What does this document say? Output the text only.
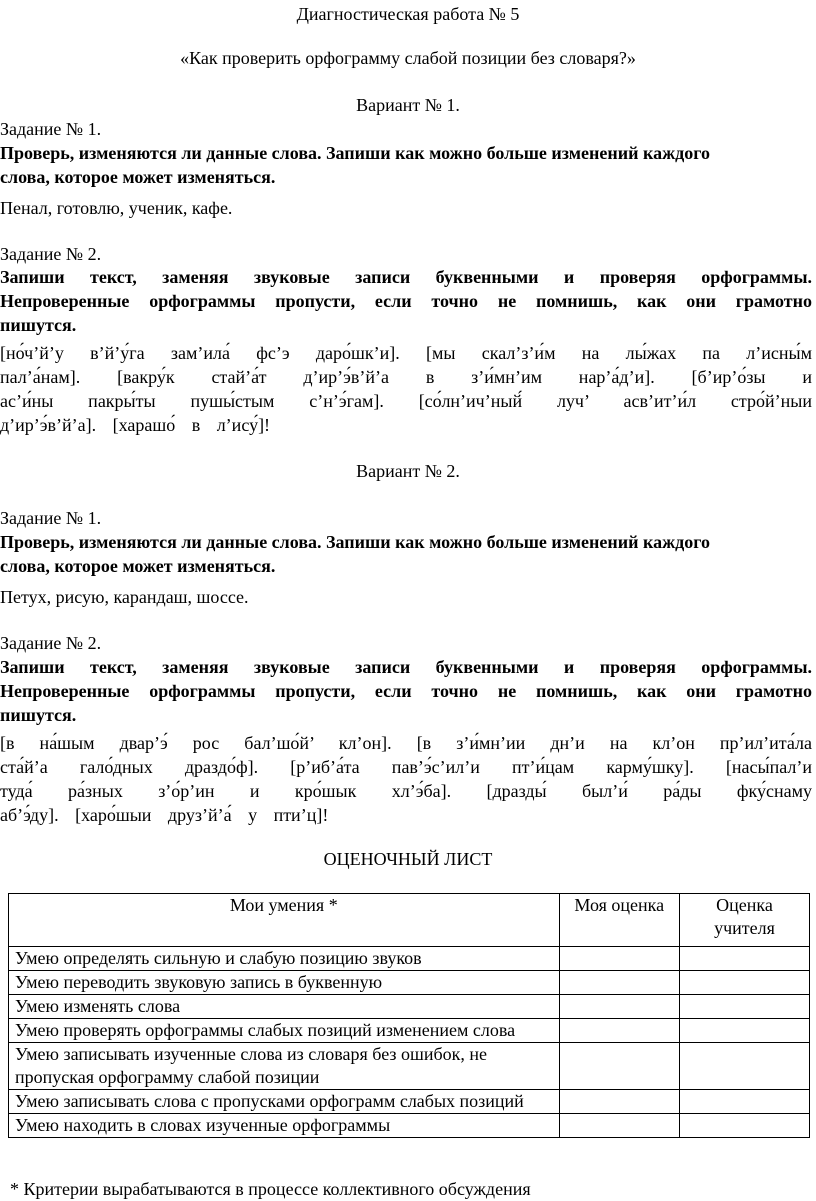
Диагностическая работа № 5
«Как проверить орфограмму слабой позиции без словаря?»
Вариант № 1.
Задание № 1.
Проверь, изменяются ли данные слова. Запиши как можно больше изменений каждого
слова, которое может изменяться.
Пенал, готовлю, ученик, кафе.
Задание № 2.
Запиши текст, заменяя звуковые записи буквенными и проверяя орфограммы.
Непроверенные орфограммы пропусти, если точно не помнишь, как они грамотно
пишутся.
[но́ч’й’у в’й’у́га зам’ила́ фс’э даро́шк’и]. [мы скал’з’и́м на лы́жах па л’исны́м
пал’а́нам]. [вакру́к стай’а́т д’ир’э́в’й’а в з’и́мн’им нар’а́д’и]. [б’ир’о́зы и
ас’и́ны пакры́ты пушы́стым с’н’э́гам]. [со́лн’ич’ный́ луч’ асв’ит’и́л стро́й’ныи
д’ир’э́в’й’а]. [харашо́ в л’ису́]!
Вариант № 2.
Задание № 1.
Проверь, изменяются ли данные слова. Запиши как можно больше изменений каждого
слова, которое может изменяться.
Петух, рисую, карандаш, шоссе.
Задание № 2.
Запиши текст, заменяя звуковые записи буквенными и проверяя орфограммы.
Непроверенные орфограммы пропусти, если точно не помнишь, как они грамотно
пишутся.
[в на́шым двар’э́ рос бал’шо́й’ кл’он]. [в з’и́мн’ии дн’и на кл’он пр’ил’ита́ла
ста́й’а гало́дных драздо́ф]. [р’иб’а́та пав’э́с’ил’и пт’и́цам карму́шку]. [насы́пал’и
туда́ ра́зных з’о́р’ин и кро́шык хл’э́ба]. [дразды́ был’и́ ра́ды фку́снаму
аб’э́ду]. [харо́шыи друз’й’а́ у пти’ц]!
ОЦЕНОЧНЫЙ ЛИСТ
Мои умения *	Моя оценка	Оценка учителя
Умею определять сильную и слабую позицию звуков		
Умею переводить звуковую запись в буквенную		
Умею изменять слова		
Умею проверять орфограммы слабых позиций изменением слова		
Умею записывать изученные слова из словаря без ошибок, не пропуская орфограмму слабой позиции		
Умею записывать слова с пропусками орфограмм слабых позиций		
Умею находить в словах изученные орфограммы		
* Критерии вырабатываются в процессе коллективного обсуждения
